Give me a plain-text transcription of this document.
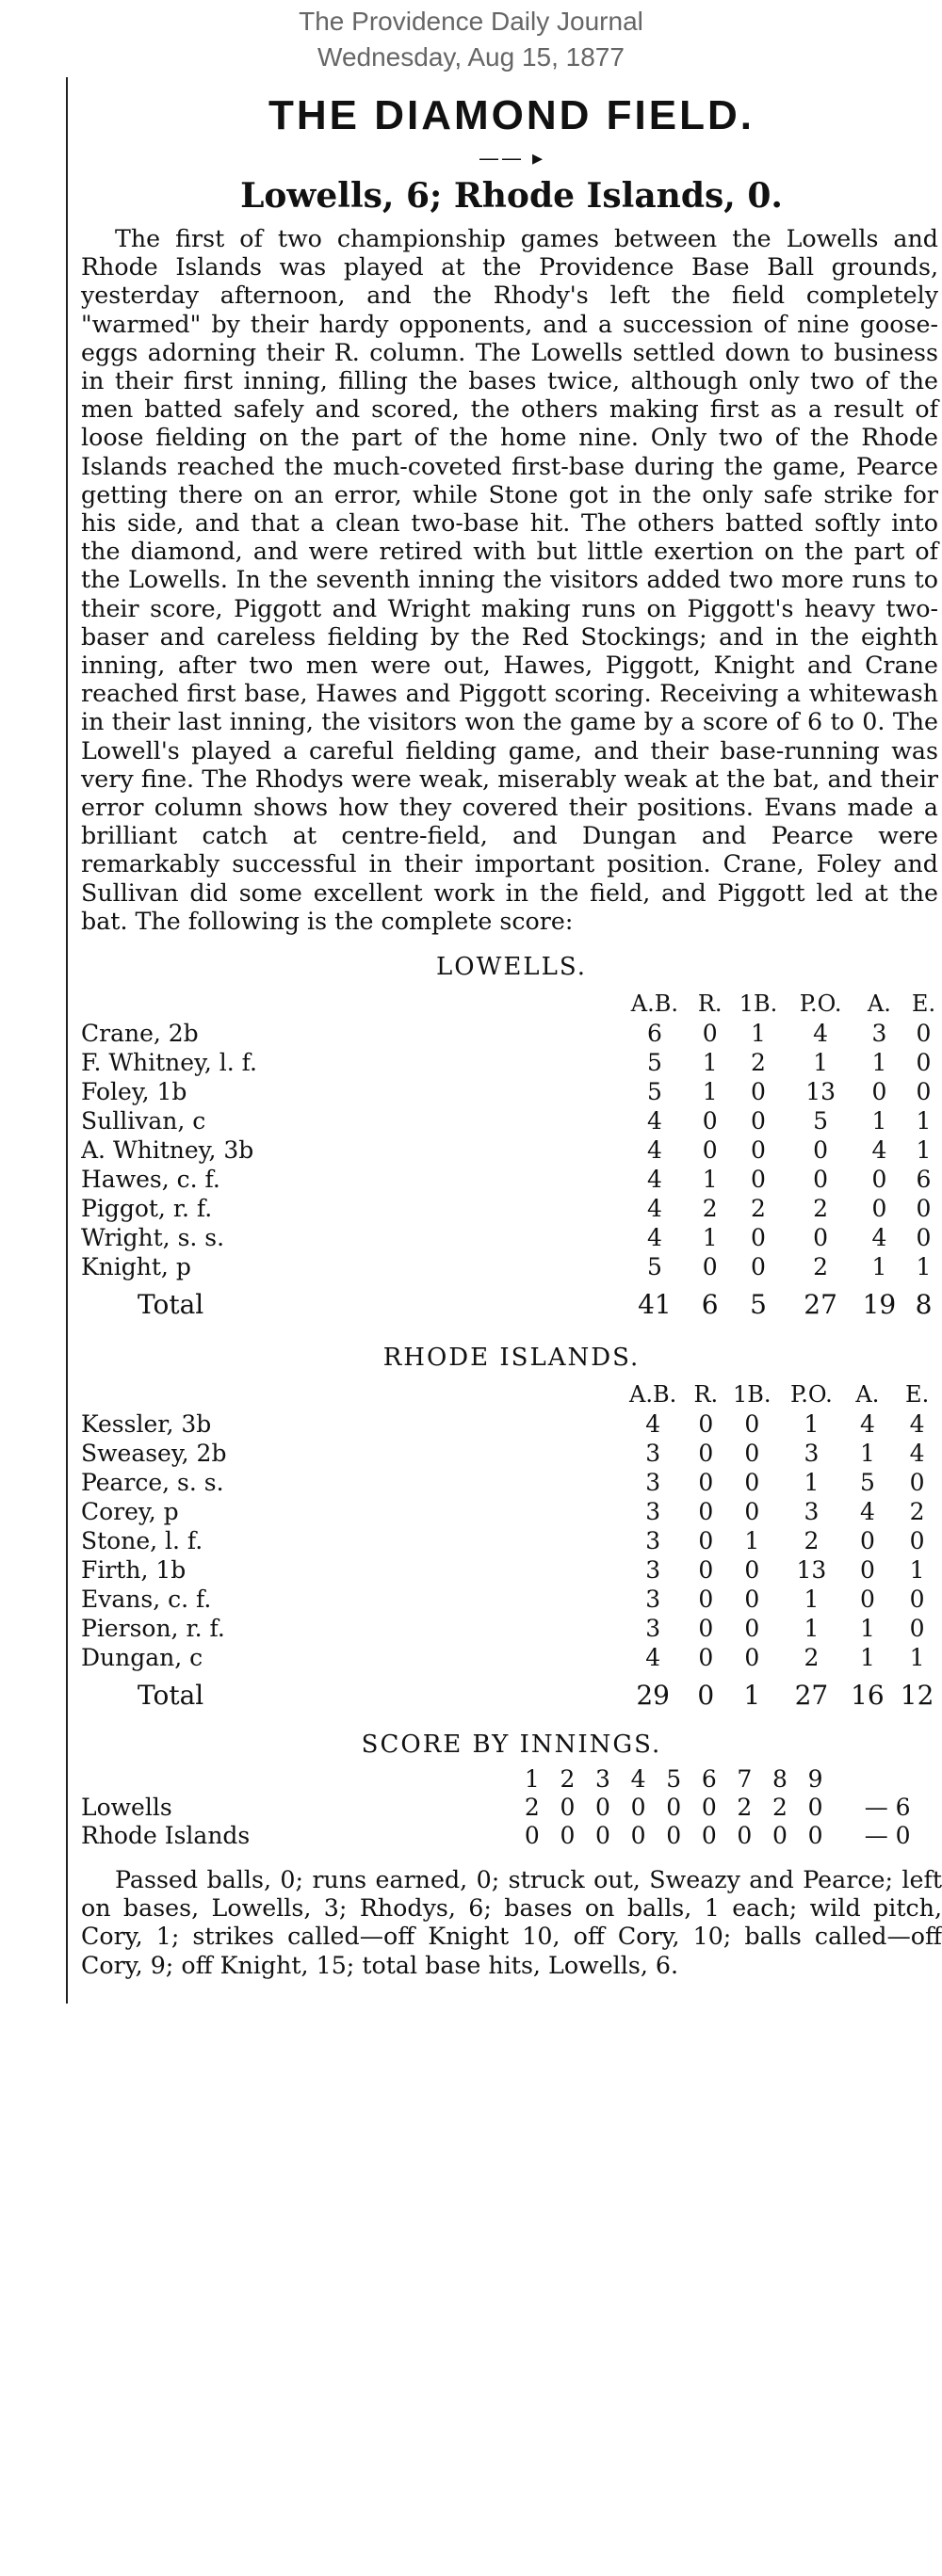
The Providence Daily Journal
Wednesday, Aug 15, 1877
THE DIAMOND FIELD.
—— ▸
Lowells, 6; Rhode Islands, 0.

The first of two championship games between the Lowells and Rhode Islands was played at the Providence Base Ball grounds, yesterday afternoon, and the Rhody's left the field completely "warmed" by their hardy opponents, and a succession of nine goose-eggs adorning their R. column. The Lowells settled down to business in their first inning, filling the bases twice, although only two of the men batted safely and scored, the others making first as a result of loose fielding on the part of the home nine. Only two of the Rhode Islands reached the much-coveted first-base during the game, Pearce getting there on an error, while Stone got in the only safe strike for his side, and that a clean two-base hit. The others batted softly into the diamond, and were retired with but little exertion on the part of the Lowells. In the seventh inning the visitors added two more runs to their score, Piggott and Wright making runs on Piggott's heavy two-baser and careless fielding by the Red Stockings; and in the eighth inning, after two men were out, Hawes, Piggott, Knight and Crane reached first base, Hawes and Piggott scoring. Receiving a whitewash in their last inning, the visitors won the game by a score of 6 to 0. The Lowell's played a careful fielding game, and their base-running was very fine. The Rhodys were weak, miserably weak at the bat, and their error column shows how they covered their positions. Evans made a brilliant catch at centre-field, and Dungan and Pearce were remarkably successful in their important position. Crane, Foley and Sullivan did some excellent work in the field, and Piggott led at the bat. The following is the complete score:

LOWELLS.
	A.B.	R.	1B.	P.O.	A.	E.
Crane, 2b	6	0	1	4	3	0
F. Whitney, l. f.	5	1	2	1	1	0
Foley, 1b	5	1	0	13	0	0
Sullivan, c	4	0	0	5	1	1
A. Whitney, 3b	4	0	0	0	4	1
Hawes, c. f.	4	1	0	0	0	6
Piggot, r. f.	4	2	2	2	0	0
Wright, s. s.	4	1	0	0	4	0
Knight, p	5	0	0	2	1	1
Total	41	6	5	27	19	8
RHODE ISLANDS.
	A.B.	R.	1B.	P.O.	A.	E.
Kessler, 3b	4	0	0	1	4	4
Sweasey, 2b	3	0	0	3	1	4
Pearce, s. s.	3	0	0	1	5	0
Corey, p	3	0	0	3	4	2
Stone, l. f.	3	0	1	2	0	0
Firth, 1b	3	0	0	13	0	1
Evans, c. f.	3	0	0	1	0	0
Pierson, r. f.	3	0	0	1	1	0
Dungan, c	4	0	0	2	1	1
Total	29	0	1	27	16	12
SCORE BY INNINGS.
	1	2	3	4	5	6	7	8	9	
Lowells	2	0	0	0	0	0	2	2	0	— 6
Rhode Islands	0	0	0	0	0	0	0	0	0	— 0

Passed balls, 0; runs earned, 0; struck out, Sweazy and Pearce; left on bases, Lowells, 3; Rhodys, 6; bases on balls, 1 each; wild pitch, Cory, 1; strikes called—off Knight 10, off Cory, 10; balls called—off Cory, 9; off Knight, 15; total base hits, Lowells, 6.
